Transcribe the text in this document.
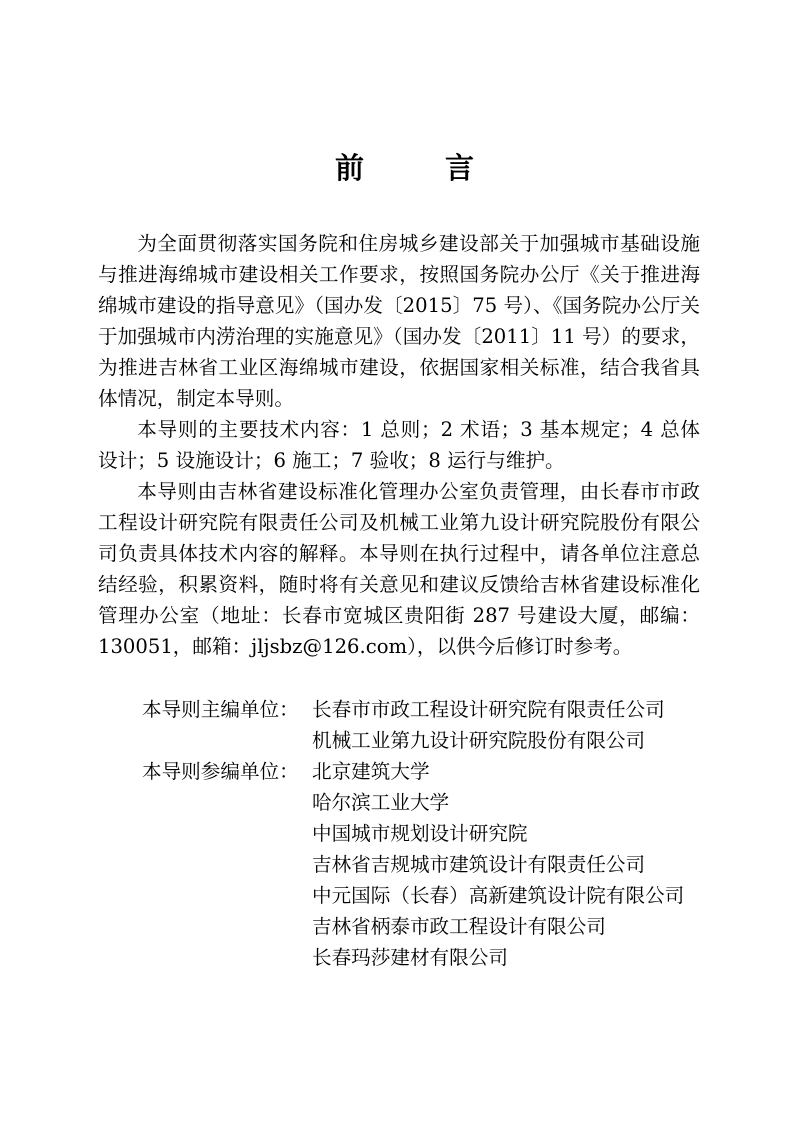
前　言

为全面贯彻落实国务院和住房城乡建设部关于加强城市基础设施与推进海绵城市建设相关工作要求，按照国务院办公厅《关于推进海绵城市建设的指导意见》（国办发〔2015〕75 号）、《国务院办公厅关于加强城市内涝治理的实施意见》（国办发〔2011〕11 号）的要求，为推进吉林省工业区海绵城市建设，依据国家相关标准，结合我省具体情况，制定本导则。

本导则的主要技术内容：1 总则；2 术语；3 基本规定；4 总体设计；5 设施设计；6 施工；7 验收；8 运行与维护。

本导则由吉林省建设标准化管理办公室负责管理，由长春市市政工程设计研究院有限责任公司及机械工业第九设计研究院股份有限公司负责具体技术内容的解释。本导则在执行过程中，请各单位注意总结经验，积累资料，随时将有关意见和建议反馈给吉林省建设标准化管理办公室（地址：长春市宽城区贵阳街 287 号建设大厦，邮编：130051，邮箱：jljsbz@126.com），以供今后修订时参考。

本导则主编单位： 长春市市政工程设计研究院有限责任公司
机械工业第九设计研究院股份有限公司
本导则参编单位： 北京建筑大学
哈尔滨工业大学
中国城市规划设计研究院
吉林省吉规城市建筑设计有限责任公司
中元国际（长春）高新建筑设计院有限公司
吉林省柄泰市政工程设计有限公司
长春玛莎建材有限公司
